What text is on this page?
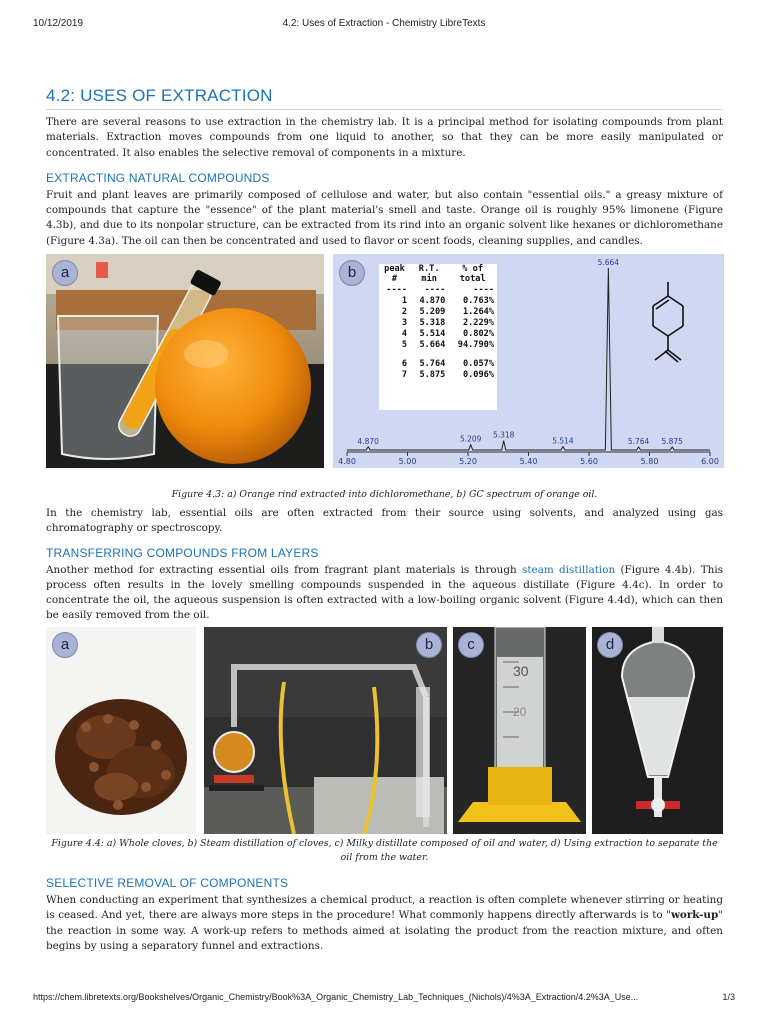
10/12/2019	4.2: Uses of Extraction - Chemistry LibreTexts
4.2: USES OF EXTRACTION

There are several reasons to use extraction in the chemistry lab. It is a principal method for isolating compounds from plant materials. Extraction moves compounds from one liquid to another, so that they can be more easily manipulated or concentrated. It also enables the selective removal of components in a mixture.

EXTRACTING NATURAL COMPOUNDS

Fruit and plant leaves are primarily composed of cellulose and water, but also contain "essential oils." a greasy mixture of compounds that capture the "essence" of the plant material's smell and taste. Orange oil is roughly 95% limonene (Figure 4.3b), and due to its nonpolar structure, can be extracted from its rind into an organic solvent like hexanes or dichloromethane (Figure 4.3a). The oil can then be concentrated and used to flavor or scent foods, cleaning supplies, and candles.

a
4.80	5.00	5.20	5.40	5.60	5.80	6.00
4.870	5.209 5.318
5.514
5.664
5.764 5.875
peak #	R.T. min	% of total
----	----	----
1	4.870	0.763%
2	5.209	1.264%
3	5.318	2.229%
4	5.514	0.802%
5	5.664	94.790%

6	5.764	0.057%
7	5.875	0.096%
b
Figure 4.3: a) Orange rind extracted into dichloromethane, b) GC spectrum of orange oil.

In the chemistry lab, essential oils are often extracted from their source using solvents, and analyzed using gas chromatography or spectroscopy.

TRANSFERRING COMPOUNDS FROM LAYERS

Another method for extracting essential oils from fragrant plant materials is through steam distillation (Figure 4.4b). This process often results in the lovely smelling compounds suspended in the aqueous distillate (Figure 4.4c). In order to concentrate the oil, the aqueous suspension is often extracted with a low-boiling organic solvent (Figure 4.4d), which can then be easily removed from the oil.

a	b
30
20
c	d
Figure 4.4: a) Whole cloves, b) Steam distillation of cloves, c) Milky distillate composed of oil and water, d) Using extraction to separate the oil from the water.
SELECTIVE REMOVAL OF COMPONENTS

When conducting an experiment that synthesizes a chemical product, a reaction is often complete whenever stirring or heating is ceased. And yet, there are always more steps in the procedure! What commonly happens directly afterwards is to "work-up" the reaction in some way. A work-up refers to methods aimed at isolating the product from the reaction mixture, and often begins by using a separatory funnel and extractions.

https://chem.libretexts.org/Bookshelves/Organic_Chemistry/Book%3A_Organic_Chemistry_Lab_Techniques_(Nichols)/4%3A_Extraction/4.2%3A_Use...	1/3
